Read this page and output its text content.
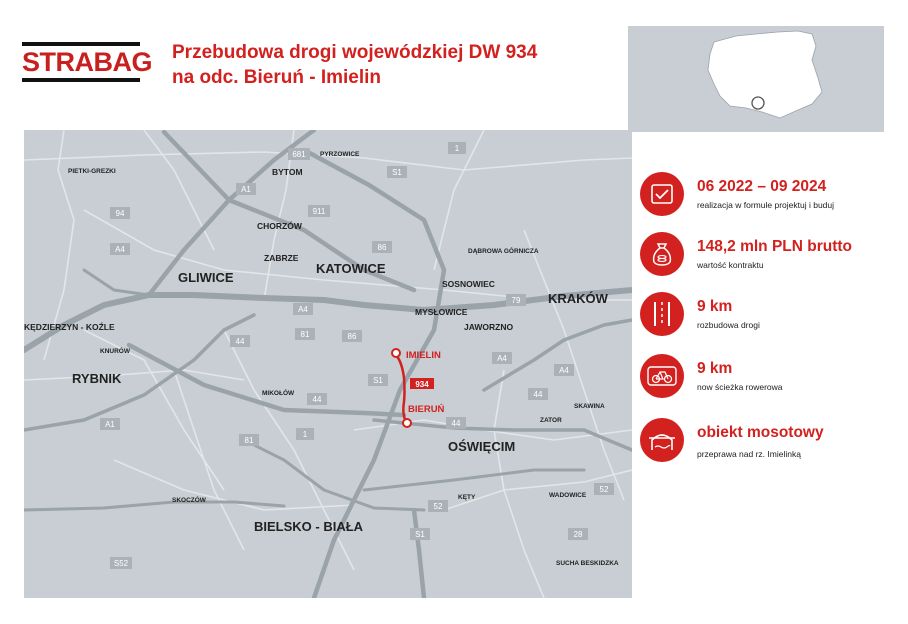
STRABAG Przebudowa drogi wojewódzkiej DW 934
na odc. Bieruń - Imielin
934
IMIELIN
BIERUŃ
681
1
S1
A1
911
94
A4	86
79
A4
81	86
44
A4
A4
S1
44
44
A1
1
81
44
52
52
S1	28
S52
PIETKI-GREZKI
PYRZOWICE
DĄBROWA GÓRNICZA
KNURÓW
MIKOŁÓW
ZATOR
SKAWINA
SKOCZÓW	KĘTY	WADOWICE
SUCHA BESKIDZKA
BYTOM
CHORZÓW
ZABRZE
SOSNOWIEC
MYSŁOWICE
JAWORZNO
KĘDZIERZYN - KOŹLE
GLIWICE
KATOWICE
KRAKÓW
RYBNIK
OŚWIĘCIM
BIELSKO - BIAŁA
06 2022 – 09 2024
realizacja w formule projektuj i buduj
148,2 mln PLN brutto
wartość kontraktu
9 km
rozbudowa drogi
9 km
now ścieżka rowerowa
obiekt mosotowy
przeprawa nad rz. Imielinką
